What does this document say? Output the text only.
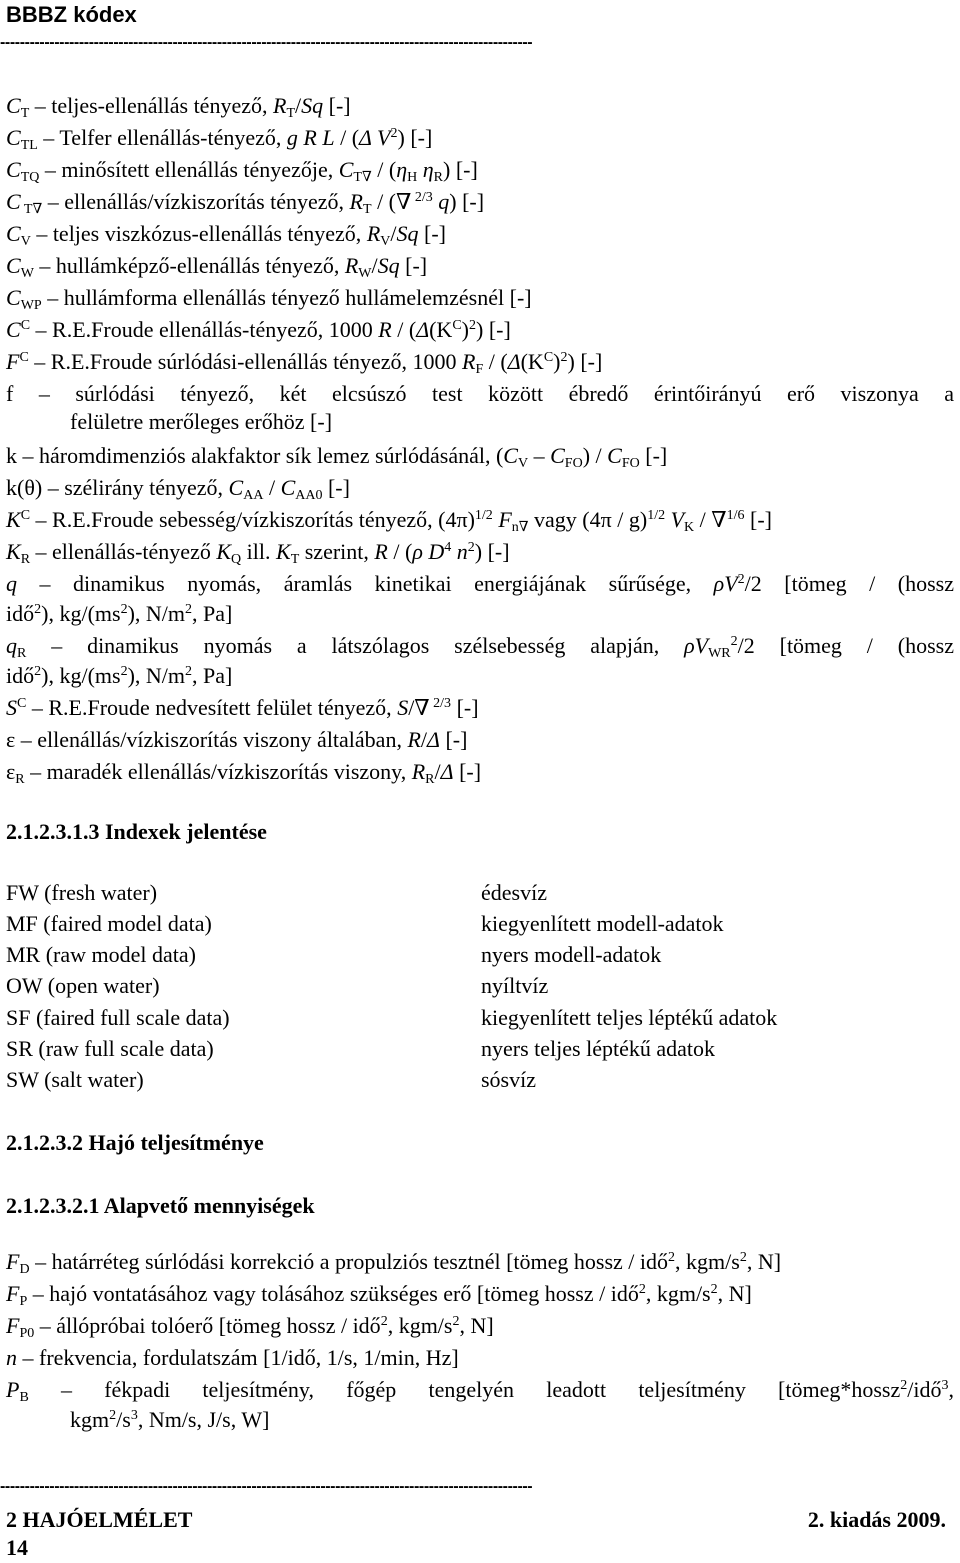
BBBZ kódex
------------------------------------------------------------------------------------------------------------
$C_T$ – teljes-ellenállás tényező, $R_T/Sq$ [-]
$C_{TL}$ – Telfer ellenállás-tényező, g R L / (Δ $V^2$) [-]
$C_{TQ}$ – minősített ellenállás tényezője, $C_{T\nabla} / (\eta_H$ $\eta_R$) [-]
C $_{T\nabla}$ – ellenállás/vízkiszorítás tényező, $R_T$ / (∇ $^{2/3}$ q) [-]
$C_V$ – teljes viszkózus-ellenállás tényező, $R_V/Sq$ [-]
$C_W$ – hullámképző-ellenállás tényező, $R_W/Sq$ [-]
$C_{WP}$ – hullámforma ellenállás tényező hullámelemzésnél [-]
$C^C$ – R.E.Froude ellenállás-tényező, 1000 R / $(\Delta(K^C)^2)$ [-]
$F^C$ – R.E.Froude súrlódási-ellenállás tényező, 1000 $R_F / (\Delta(K^C)^2)$ [-]
f – súrlódási tényező, két elcsúszó test között ébredő érintőirányú erő viszonya a
felületre merőleges erőhöz [-]
k – háromdimenziós alakfaktor sík lemez súrlódásánál, $(C_V - C_{FO}) / C_{FO}$ [-]
k(θ) – szélirány tényező, $C_{AA} / C_{AA0}$ [-]
$K^C$ – R.E.Froude sebesség/vízkiszorítás tényező, $(4\pi)^{1/2}$ $F_{n\nabla}$ vagy (4π / g)$^{1/2}$ $V_K / \nabla^{1/6}$ [-]
$K_R$ – ellenállás-tényező $K_Q$ ill. $K_T$ szerint, R / (ρ $D^4$ $n^2$) [-]
q – dinamikus nyomás, áramlás kinetikai energiájának sűrűsége, $\rho V^2/2$ [tömeg / (hossz
idő$^2$), $kg/(ms^2)$, $N/m^2$, Pa]
$q_R$ – dinamikus nyomás a látszólagos szélsebesség alapján, $\rho V_{WR}^2/2$ [tömeg / (hossz
idő$^2$), $kg/(ms^2)$, $N/m^2$, Pa]
$S^C$ – R.E.Froude nedvesített felület tényező, S/∇ $^{2/3}$ [-]
ε – ellenállás/vízkiszorítás viszony általában, R/Δ [-]
$\varepsilon_R$ – maradék ellenállás/vízkiszorítás viszony, $R_R/\Delta$ [-]
2.1.2.3.1.3 Indexek jelentése
FW (fresh water)	édesvíz
MF (faired model data)	kiegyenlített modell-adatok
MR (raw model data)	nyers modell-adatok
OW (open water)	nyíltvíz
SF (faired full scale data)	kiegyenlített teljes léptékű adatok
SR (raw full scale data)	nyers teljes léptékű adatok
SW (salt water)	sósvíz
2.1.2.3.2 Hajó teljesítménye
2.1.2.3.2.1 Alapvető mennyiségek
$F_D$ – határréteg súrlódási korrekció a propulziós tesztnél [tömeg hossz / idő$^2$, kgm/$s^2$, N]
$F_P$ – hajó vontatásához vagy tolásához szükséges erő [tömeg hossz / idő$^2$, kgm/$s^2$, N]
$F_{P0}$ – állópróbai tolóerő [tömeg hossz / idő$^2$, kgm/$s^2$, N]
n – frekvencia, fordulatszám [1/idő, 1/s, 1/min, Hz]
$P_B$ – fékpadi teljesítmény, főgép tengelyén leadott teljesítmény [tömeg*hossz$^2$/idő$^3$,
$kgm^2/s^3$, Nm/s, J/s, W]
------------------------------------------------------------------------------------------------------------
2 HAJÓELMÉLET	2. kiadás 2009.
14
